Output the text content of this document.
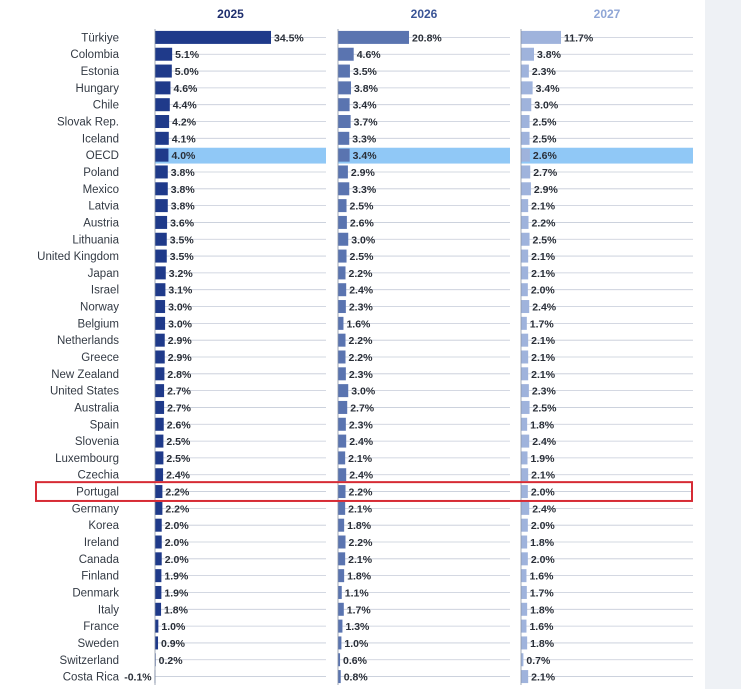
2025	2026	2027
Türkiye
Colombia
Estonia
Hungary
Chile
Slovak Rep.
Iceland
OECD
Poland
Mexico
Latvia
Austria
Lithuania
United Kingdom
Japan
Israel
Norway
Belgium
Netherlands
Greece
New Zealand
United States
Australia
Spain
Slovenia
Luxembourg
Czechia
Portugal
Germany
Korea
Ireland
Canada
Finland
Denmark
Italy
France
Sweden
Switzerland
Costa Rica
34.5%
5.1%
5.0%
4.6%
4.4%
4.2%
4.1%
4.0%
3.8%
3.8%
3.8%
3.6%
3.5%
3.5%
3.2%
3.1%
3.0%
3.0%
2.9%
2.9%
2.8%
2.7%
2.7%
2.6%
2.5%
2.5%
2.4%
2.2%
2.2%
2.0%
2.0%
2.0%
1.9%
1.9%
1.8%
1.0%
0.9%
0.2%
-0.1%
20.8%
4.6%
3.5%
3.8%
3.4%
3.7%
3.3%
3.4%
2.9%
3.3%
2.5%
2.6%
3.0%
2.5%
2.2%
2.4%
2.3%
1.6%
2.2%
2.2%
2.3%
3.0%
2.7%
2.3%
2.4%
2.1%
2.4%
2.2%
2.1%
1.8%
2.2%
2.1%
1.8%
1.1%
1.7%
1.3%
1.0%
0.6%
0.8%
11.7%
3.8%
2.3%
3.4%
3.0%
2.5%
2.5%
2.6%
2.7%
2.9%
2.1%
2.2%
2.5%
2.1%
2.1%
2.0%
2.4%
1.7%
2.1%
2.1%
2.1%
2.3%
2.5%
1.8%
2.4%
1.9%
2.1%
2.0%
2.4%
2.0%
1.8%
2.0%
1.6%
1.7%
1.8%
1.6%
1.8%
0.7%
2.1%
